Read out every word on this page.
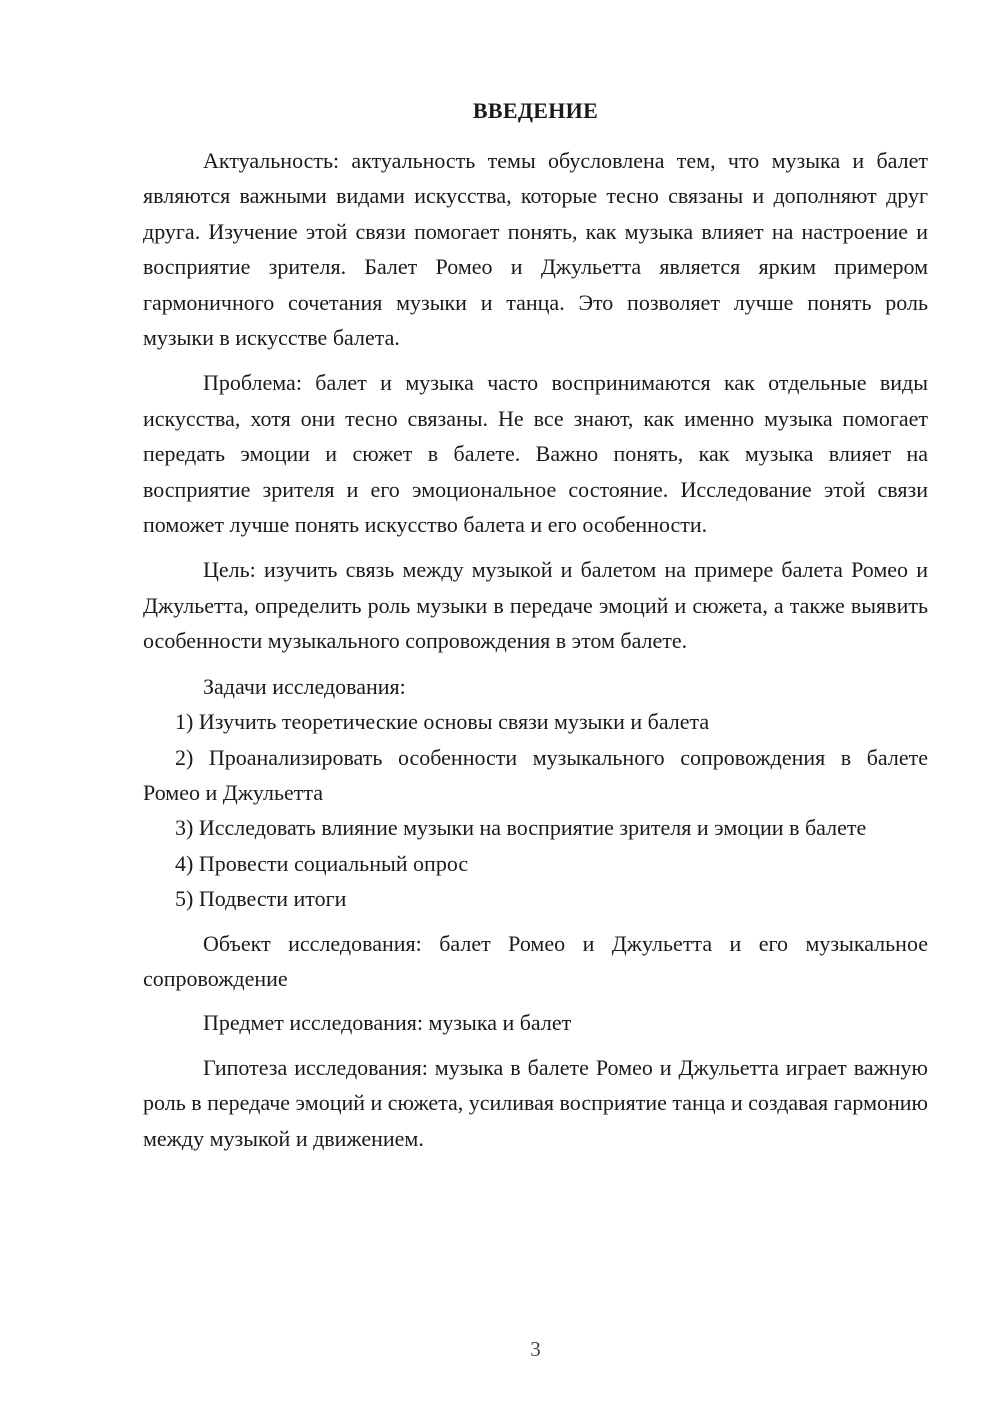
ВВЕДЕНИЕ

Актуальность: актуальность темы обусловлена тем, что музыка и балет являются важными видами искусства, которые тесно связаны и дополняют друг друга. Изучение этой связи помогает понять, как музыка влияет на настроение и восприятие зрителя. Балет Ромео и Джульетта является ярким примером гармоничного сочетания музыки и танца. Это позволяет лучше понять роль музыки в искусстве балета.

Проблема: балет и музыка часто воспринимаются как отдельные виды искусства, хотя они тесно связаны. Не все знают, как именно музыка помогает передать эмоции и сюжет в балете. Важно понять, как музыка влияет на восприятие зрителя и его эмоциональное состояние. Исследование этой связи поможет лучше понять искусство балета и его особенности.

Цель: изучить связь между музыкой и балетом на примере балета Ромео и Джульетта, определить роль музыки в передаче эмоций и сюжета, а также выявить особенности музыкального сопровождения в этом балете.

Задачи исследования:

1) Изучить теоретические основы связи музыки и балета

2) Проанализировать особенности музыкального сопровождения в балете Ромео и Джульетта

3) Исследовать влияние музыки на восприятие зрителя и эмоции в балете

4) Провести социальный опрос

5) Подвести итоги

Объект исследования: балет Ромео и Джульетта и его музыкальное сопровождение

Предмет исследования: музыка и балет

Гипотеза исследования: музыка в балете Ромео и Джульетта играет важную роль в передаче эмоций и сюжета, усиливая восприятие танца и создавая гармонию между музыкой и движением.

3
